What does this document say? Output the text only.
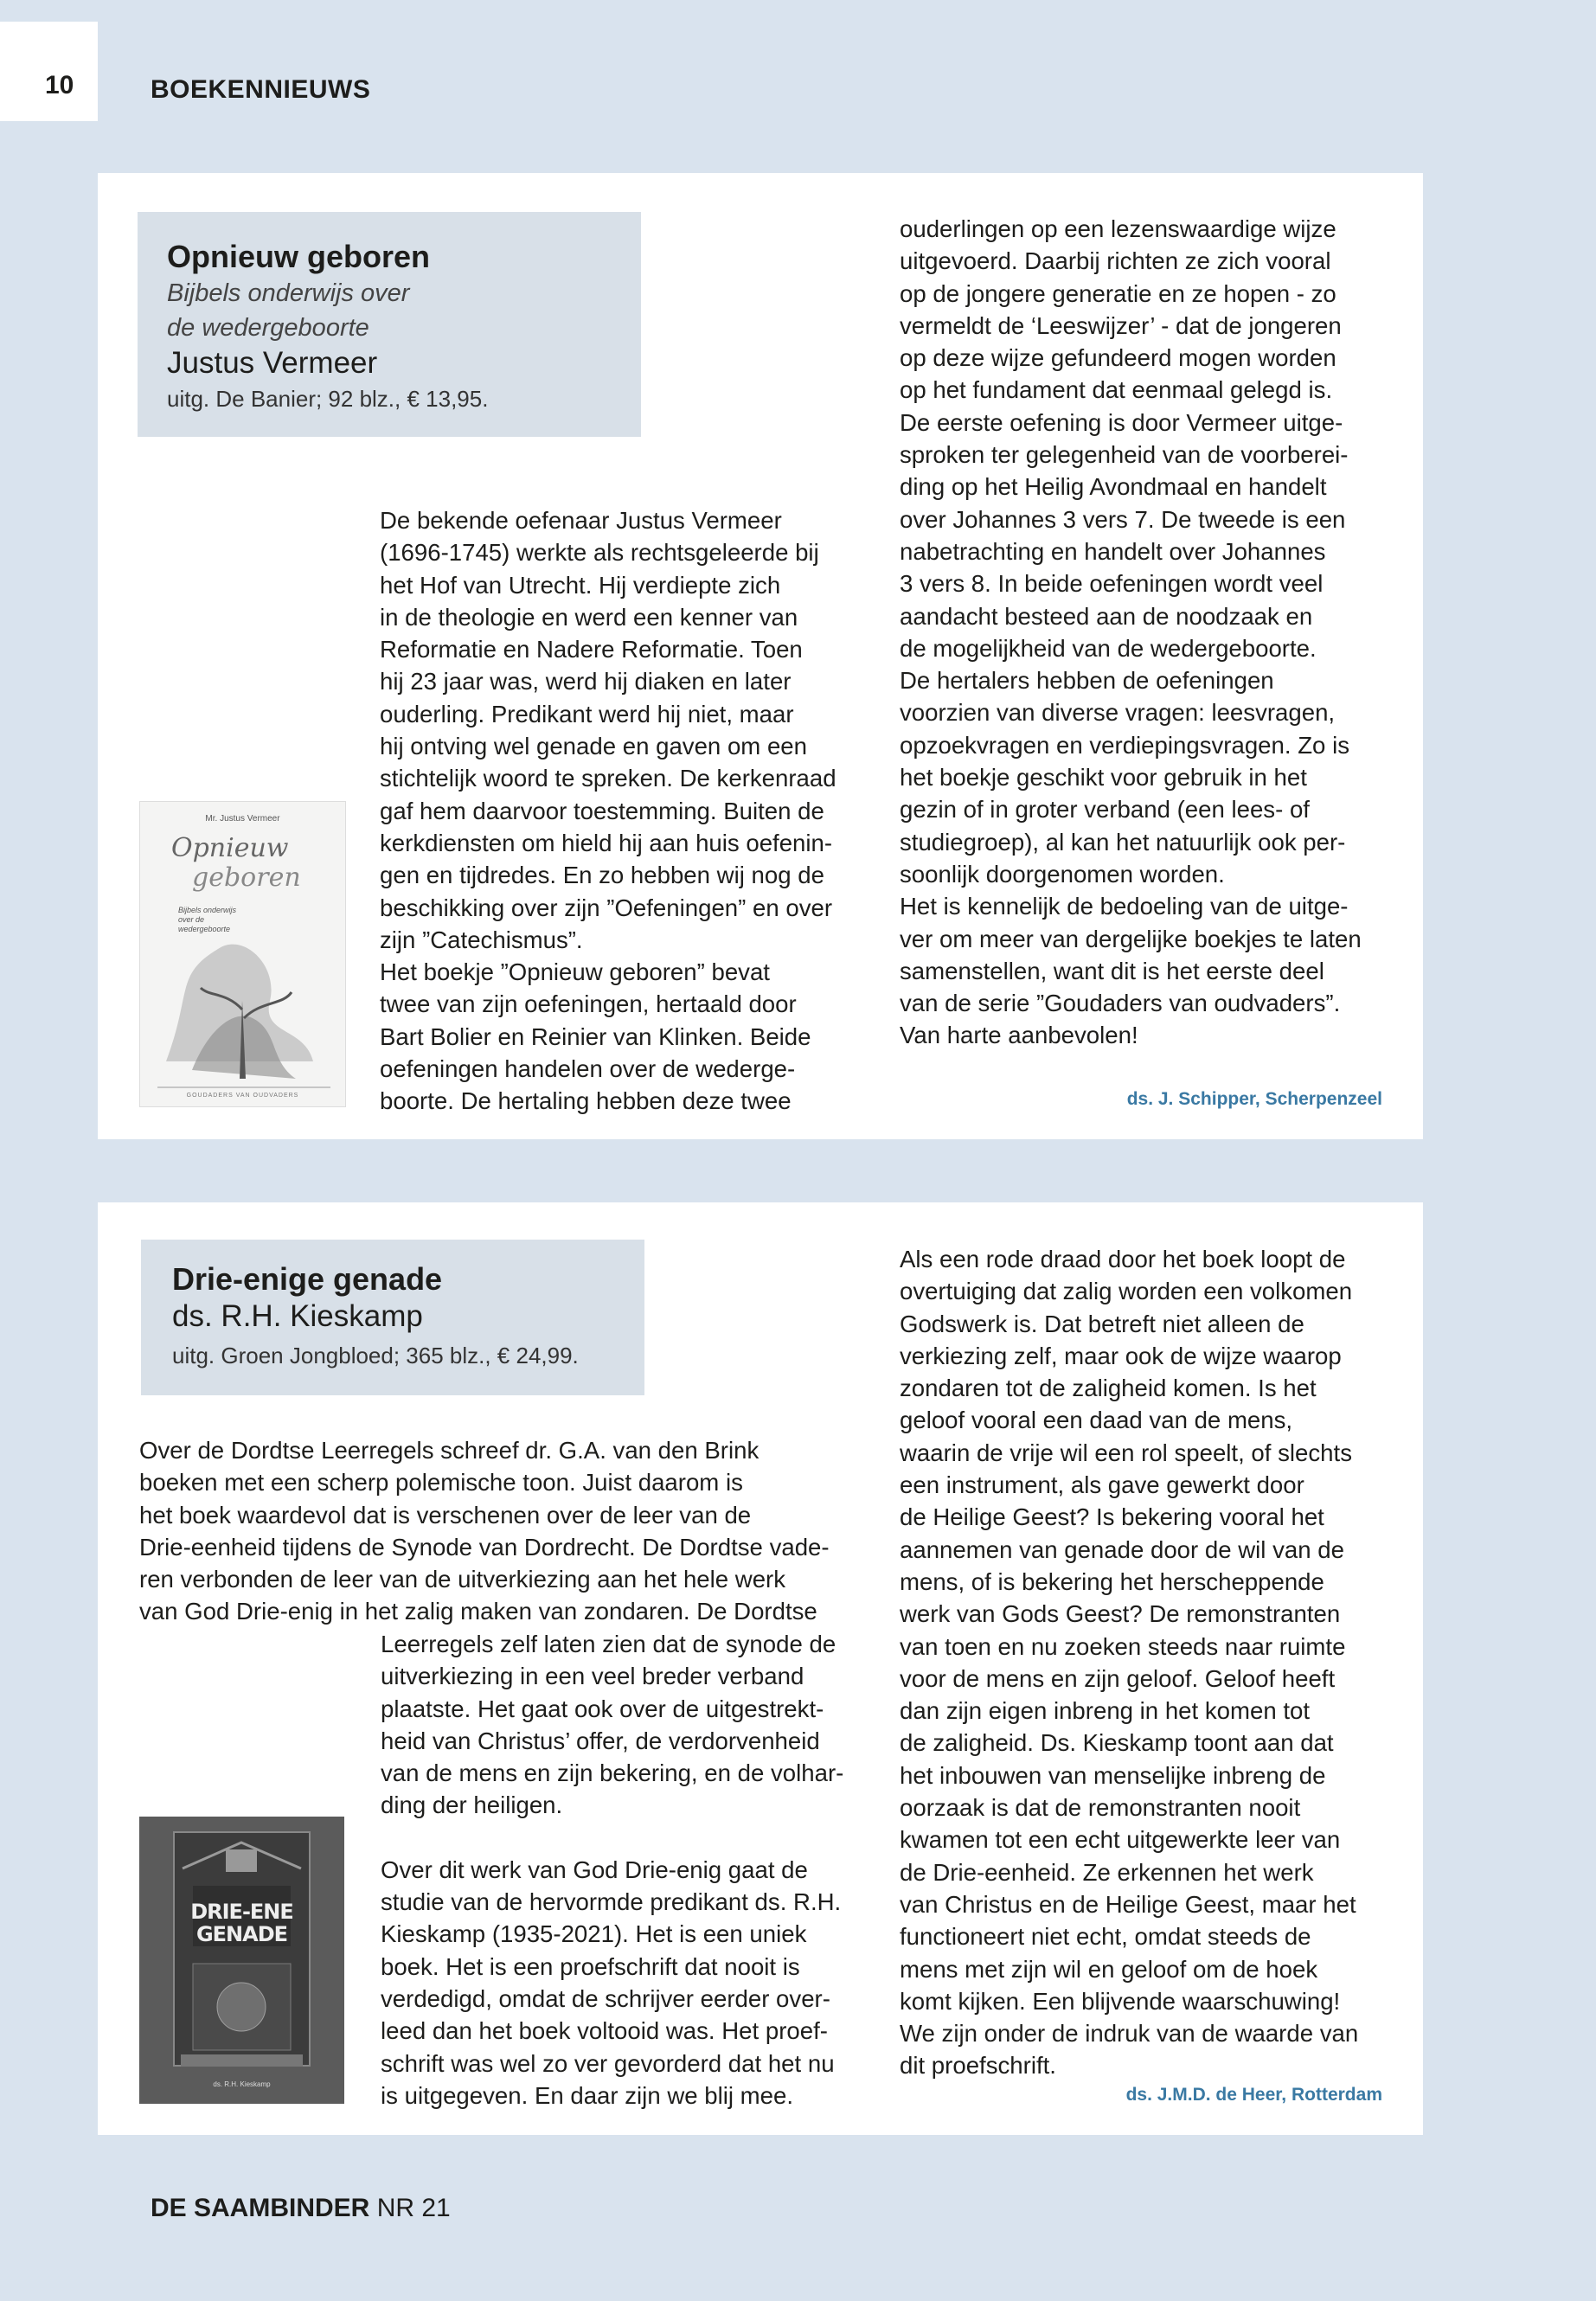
10	BOEKENNIEUWS
Opnieuw geboren
Bijbels onderwijs over
de wedergeboorte
Justus Vermeer
uitg. De Banier; 92 blz., € 13,95.
Mr. Justus Vermeer
Opnieuw
geboren
Bijbels onderwijs
over de
wedergeboorte
GOUDADERS VAN OUDVADERS
De bekende oefenaar Justus Vermeer
(1696-1745) werkte als rechtsgeleerde bij
het Hof van Utrecht. Hij verdiepte zich
in de theologie en werd een kenner van
Reformatie en Nadere Reformatie. Toen
hij 23 jaar was, werd hij diaken en later
ouderling. Predikant werd hij niet, maar
hij ontving wel genade en gaven om een
stichtelijk woord te spreken. De kerkenraad
gaf hem daarvoor toestemming. Buiten de
kerkdiensten om hield hij aan huis oefenin-
gen en tijdredes. En zo hebben wij nog de
beschikking over zijn ”Oefeningen” en over
zijn ”Catechismus”.
Het boekje ”Opnieuw geboren” bevat
twee van zijn oefeningen, hertaald door
Bart Bolier en Reinier van Klinken. Beide
oefeningen handelen over de wederge-
boorte. De hertaling hebben deze twee
ouderlingen op een lezenswaardige wijze
uitgevoerd. Daarbij richten ze zich vooral
op de jongere generatie en ze hopen - zo
vermeldt de ‘Leeswijzer’ - dat de jongeren
op deze wijze gefundeerd mogen worden
op het fundament dat eenmaal gelegd is.
De eerste oefening is door Vermeer uitge-
sproken ter gelegenheid van de voorberei-
ding op het Heilig Avondmaal en handelt
over Johannes 3 vers 7. De tweede is een
nabetrachting en handelt over Johannes
3 vers 8. In beide oefeningen wordt veel
aandacht besteed aan de noodzaak en
de mogelijkheid van de wedergeboorte.
De hertalers hebben de oefeningen
voorzien van diverse vragen: leesvragen,
opzoekvragen en verdiepingsvragen. Zo is
het boekje geschikt voor gebruik in het
gezin of in groter verband (een lees- of
studiegroep), al kan het natuurlijk ook per-
soonlijk doorgenomen worden.
Het is kennelijk de bedoeling van de uitge-
ver om meer van dergelijke boekjes te laten
samenstellen, want dit is het eerste deel
van de serie ”Goudaders van oudvaders”.
Van harte aanbevolen!
ds. J. Schipper, Scherpenzeel
Drie-enige genade
ds. R.H. Kieskamp
uitg. Groen Jongbloed; 365 blz., € 24,99.
Over de Dordtse Leerregels schreef dr. G.A. van den Brink
boeken met een scherp polemische toon. Juist daarom is
het boek waardevol dat is verschenen over de leer van de
Drie-eenheid tijdens de Synode van Dordrecht. De Dordtse vade-
ren verbonden de leer van de uitverkiezing aan het hele werk
van God Drie-enig in het zalig maken van zondaren. De Dordtse
Leerregels zelf laten zien dat de synode de
uitverkiezing in een veel breder verband
plaatste. Het gaat ook over de uitgestrekt-
heid van Christus’ offer, de verdorvenheid
van de mens en zijn bekering, en de volhar-
ding der heiligen.
Over dit werk van God Drie-enig gaat de
studie van de hervormde predikant ds. R.H.
Kieskamp (1935-2021). Het is een uniek
boek. Het is een proefschrift dat nooit is
verdedigd, omdat de schrijver eerder over-
leed dan het boek voltooid was. Het proef-
schrift was wel zo ver gevorderd dat het nu
is uitgegeven. En daar zijn we blij mee.
DRIE-ENE
GENADE
ds. R.H. Kieskamp
Als een rode draad door het boek loopt de
overtuiging dat zalig worden een volkomen
Godswerk is. Dat betreft niet alleen de
verkiezing zelf, maar ook de wijze waarop
zondaren tot de zaligheid komen. Is het
geloof vooral een daad van de mens,
waarin de vrije wil een rol speelt, of slechts
een instrument, als gave gewerkt door
de Heilige Geest? Is bekering vooral het
aannemen van genade door de wil van de
mens, of is bekering het herscheppende
werk van Gods Geest? De remonstranten
van toen en nu zoeken steeds naar ruimte
voor de mens en zijn geloof. Geloof heeft
dan zijn eigen inbreng in het komen tot
de zaligheid. Ds. Kieskamp toont aan dat
het inbouwen van menselijke inbreng de
oorzaak is dat de remonstranten nooit
kwamen tot een echt uitgewerkte leer van
de Drie-eenheid. Ze erkennen het werk
van Christus en de Heilige Geest, maar het
functioneert niet echt, omdat steeds de
mens met zijn wil en geloof om de hoek
komt kijken. Een blijvende waarschuwing!
We zijn onder de indruk van de waarde van
dit proefschrift.
ds. J.M.D. de Heer, Rotterdam
DE SAAMBINDER NR 21
